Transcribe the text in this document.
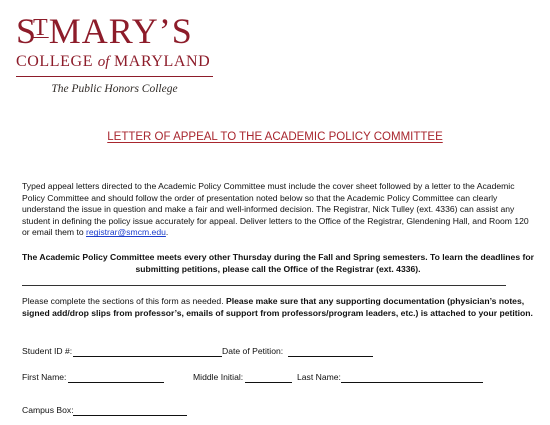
$S^TMARY’S$
COLLEGE of MARYLAND
The Public Honors College
LETTER OF APPEAL TO THE ACADEMIC POLICY COMMITTEE

Typed appeal letters directed to the Academic Policy Committee must include the cover sheet followed by a letter to the Academic Policy Committee and should follow the order of presentation noted below so that the Academic Policy Committee can clearly understand the issue in question and make a fair and well-informed decision. The Registrar, Nick Tulley (ext. 4336) can assist any student in defining the policy issue accurately for appeal. Deliver letters to the Office of the Registrar, Glendening Hall, and Room 120 or email them to registrar@smcm.edu.

The Academic Policy Committee meets every other Thursday during the Fall and Spring semesters. To learn the deadlines for submitting petitions, please call the Office of the Registrar (ext. 4336).

Please complete the sections of this form as needed. Please make sure that any supporting documentation (physician’s notes, signed add/drop slips from professor’s, emails of support from professors/program leaders, etc.) is attached to your petition.

Student ID #:	Date of Petition:
First Name:	Middle Initial:	Last Name:
Campus Box:
